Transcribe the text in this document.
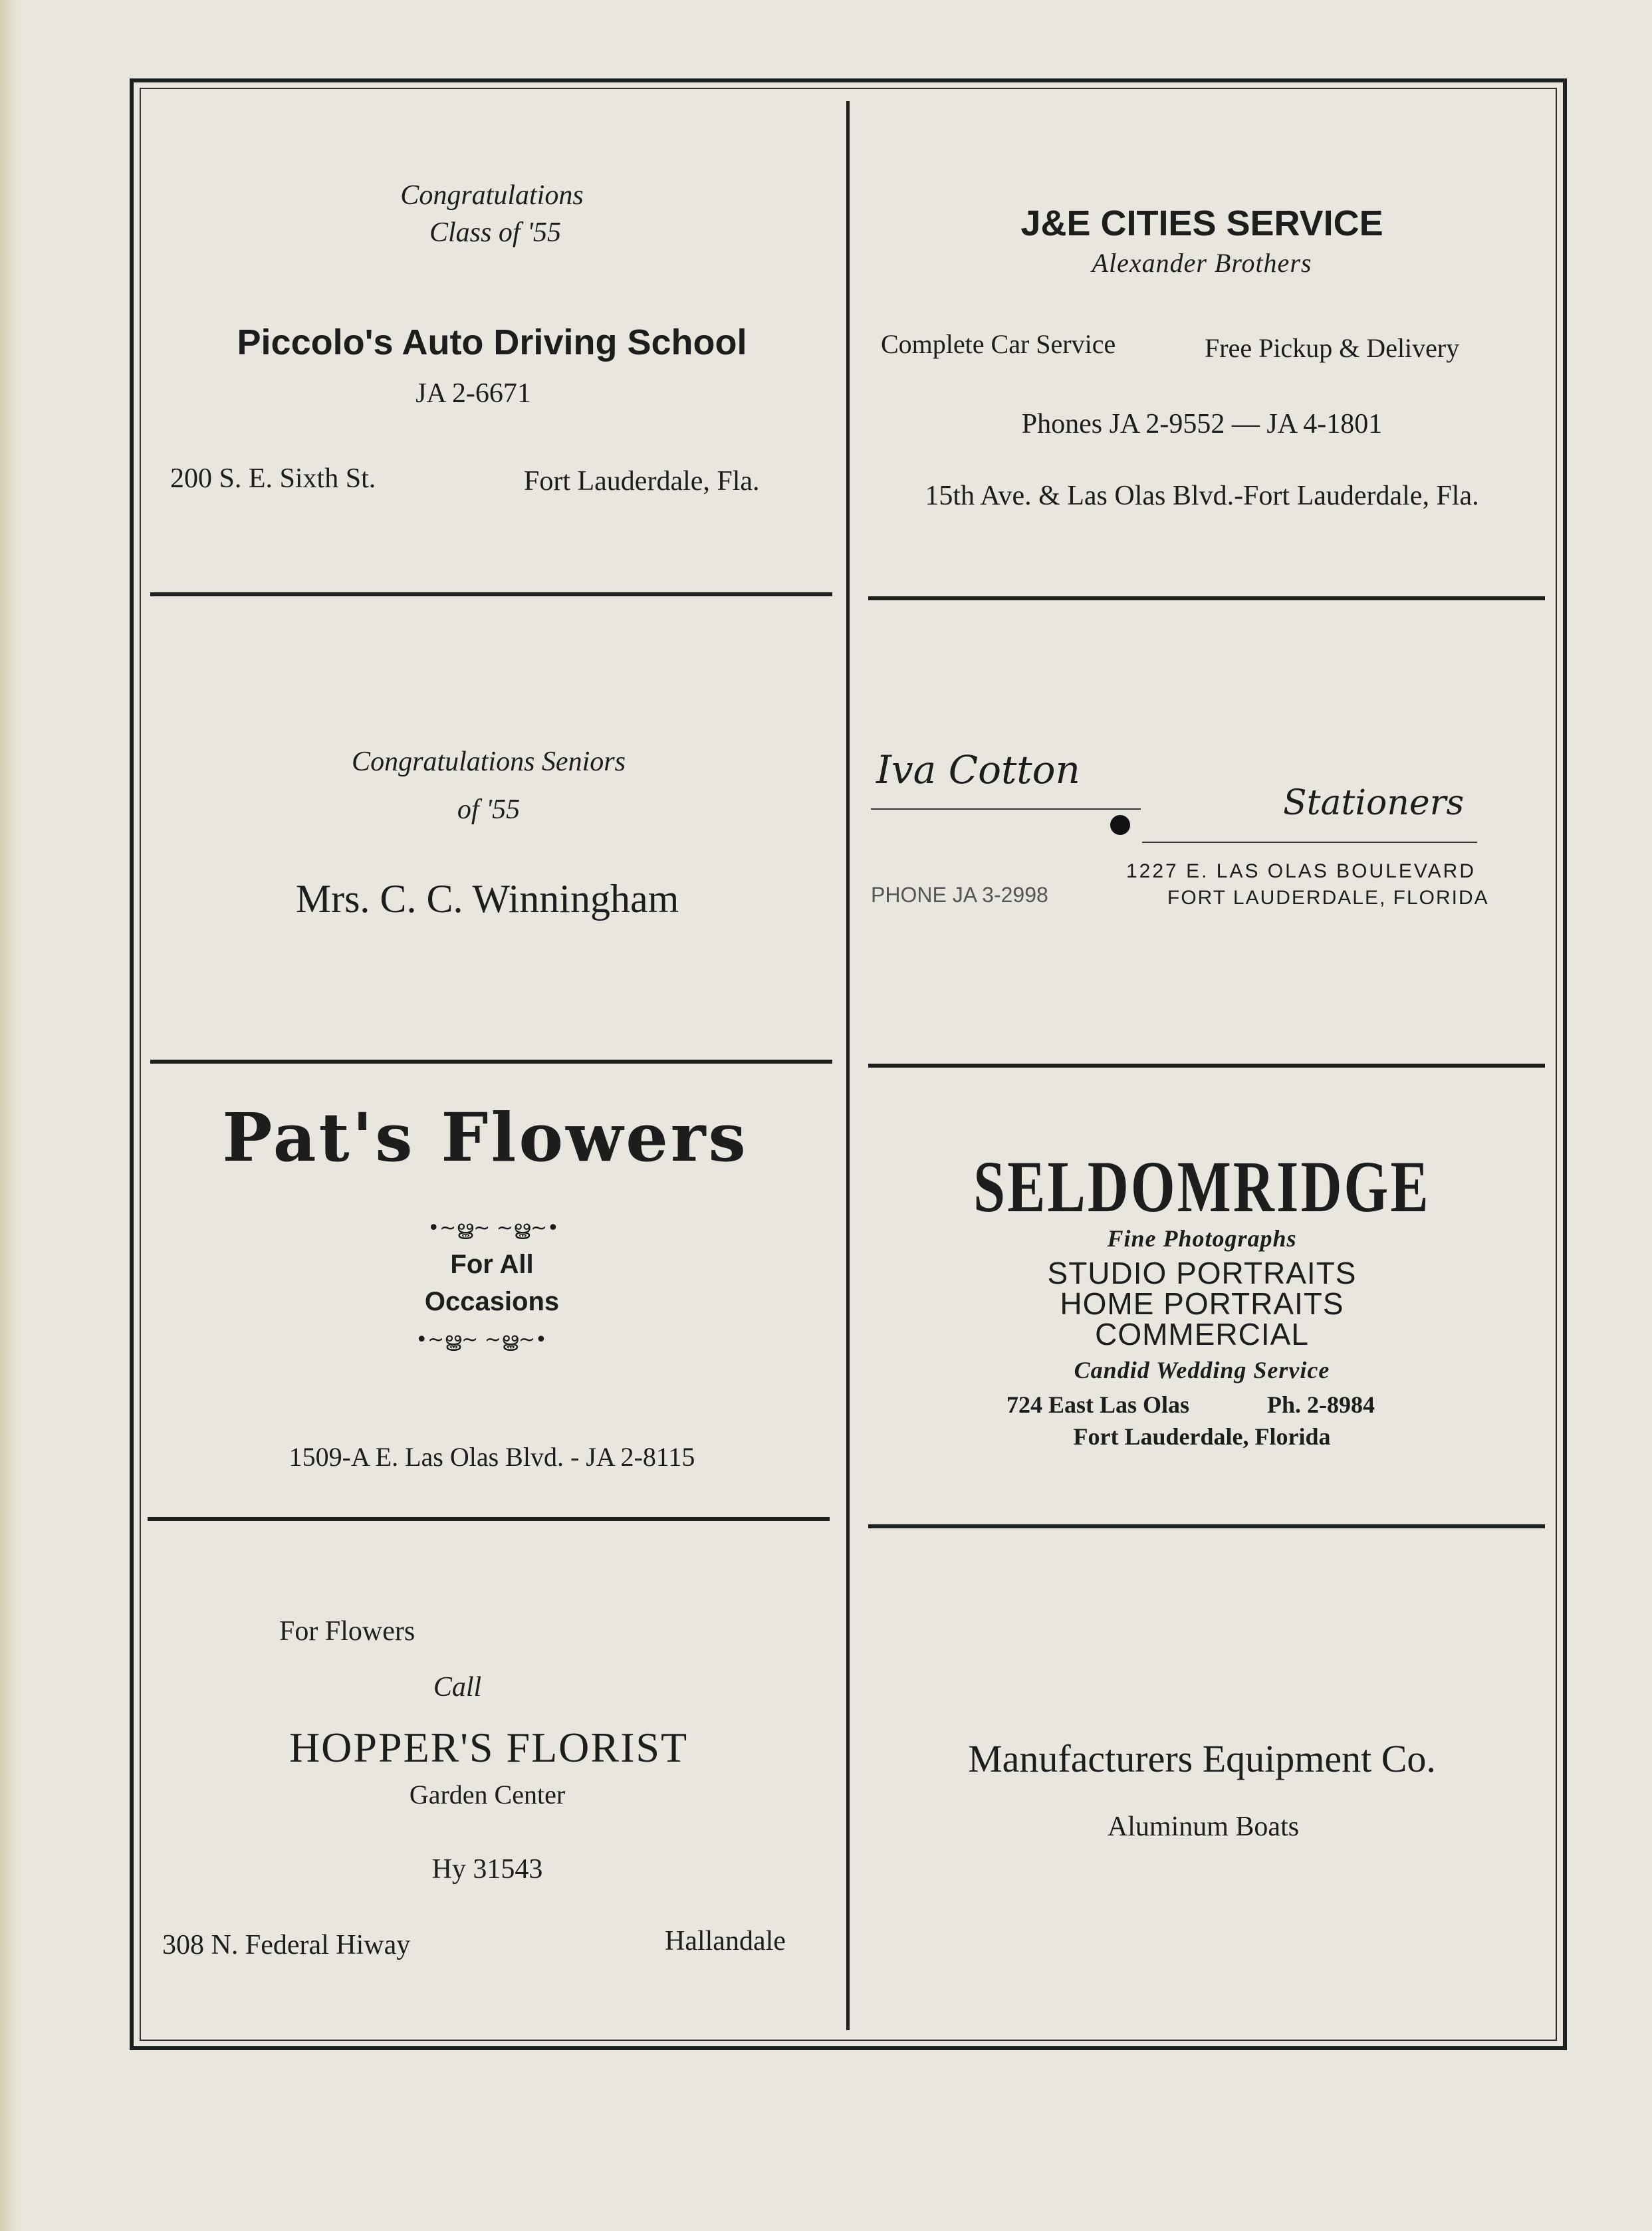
Congratulations
Class of '55
Piccolo's Auto Driving School
JA 2-6671
200 S. E. Sixth St.	Fort Lauderdale, Fla.
J&E CITIES SERVICE
Alexander Brothers
Complete Car Service	Free Pickup & Delivery
Phones JA 2-9552 — JA 4-1801
15th Ave. & Las Olas Blvd.-Fort Lauderdale, Fla.
Congratulations Seniors
of '55
Mrs. C. C. Winningham
Iva Cotton
Stationers
PHONE JA 3-2998
1227 E. LAS OLAS BOULEVARD
FORT LAUDERDALE, FLORIDA
Pat's Flowers
•~ൠ~ ~ൠ~•
For All
Occasions
•~ൠ~ ~ൠ~•
1509-A E. Las Olas Blvd. - JA 2-8115
SELDOMRIDGE
Fine Photographs
STUDIO PORTRAITS
HOME PORTRAITS
COMMERCIAL
Candid Wedding Service
724 East Las Olas	Ph. 2-8984
Fort Lauderdale, Florida
For Flowers
Call
HOPPER'S FLORIST
Garden Center
Hy 31543
308 N. Federal Hiway	Hallandale
Manufacturers Equipment Co.
Aluminum Boats
